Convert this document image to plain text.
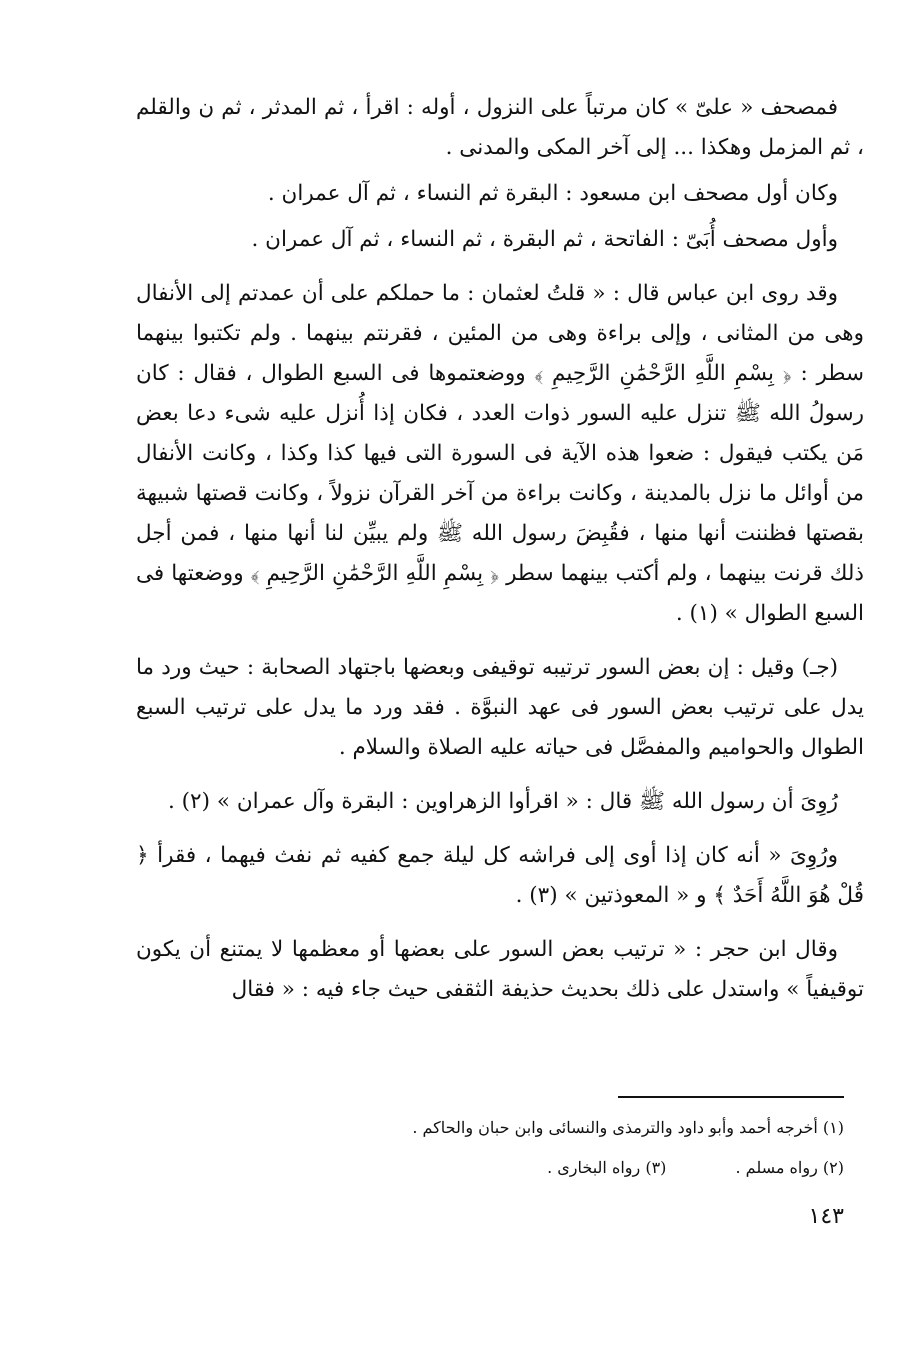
فمصحف « علىّ » كان مرتباً على النزول ، أوله : اقرأ ، ثم المدثر ، ثم ن والقلم ، ثم المزمل وهكذا ... إلى آخر المكى والمدنى .

وكان أول مصحف ابن مسعود : البقرة ثم النساء ، ثم آل عمران .

وأول مصحف أُبَىّ : الفاتحة ، ثم البقرة ، ثم النساء ، ثم آل عمران .

وقد روى ابن عباس قال : « قلتُ لعثمان : ما حملكم على أن عمدتم إلى الأنفال وهى من المثانى ، وإلى براءة وهى من المئين ، فقرنتم بينهما . ولم تكتبوا بينهما سطر : ﴿ بِسْمِ اللَّهِ الرَّحْمَٰنِ الرَّحِيمِ ﴾ ووضعتموها فى السبع الطوال ، فقال : كان رسولُ الله ﷺ تنزل عليه السور ذوات العدد ، فكان إذا أُنزل عليه شىء دعا بعض مَن يكتب فيقول : ضعوا هذه الآية فى السورة التى فيها كذا وكذا ، وكانت الأنفال من أوائل ما نزل بالمدينة ، وكانت براءة من آخر القرآن نزولاً ، وكانت قصتها شبيهة بقصتها فظننت أنها منها ، فقُبِضَ رسول الله ﷺ ولم يبيِّن لنا أنها منها ، فمن أجل ذلك قرنت بينهما ، ولم أكتب بينهما سطر ﴿ بِسْمِ اللَّهِ الرَّحْمَٰنِ الرَّحِيمِ ﴾ ووضعتها فى السبع الطوال » (١) .

(جـ) وقيل : إن بعض السور ترتيبه توقيفى وبعضها باجتهاد الصحابة : حيث ورد ما يدل على ترتيب بعض السور فى عهد النبوَّة . فقد ورد ما يدل على ترتيب السبع الطوال والحواميم والمفصَّل فى حياته عليه الصلاة والسلام .

رُوِىَ أن رسول الله ﷺ قال : « اقرأوا الزهراوين : البقرة وآل عمران » (٢) .

ورُوِىَ « أنه كان إذا أوى إلى فراشه كل ليلة جمع كفيه ثم نفث فيهما ، فقرأ ﴿ قُلْ هُوَ اللَّهُ أَحَدٌ ﴾ و « المعوذتين » (٣) .

وقال ابن حجر : « ترتيب بعض السور على بعضها أو معظمها لا يمتنع أن يكون توقيفياً » واستدل على ذلك بحديث حذيفة الثقفى حيث جاء فيه : « فقال

(١) أخرجه أحمد وأبو داود والترمذى والنسائى وابن حبان والحاكم .
(٢) رواه مسلم . (٣) رواه البخارى .
١٤٣
